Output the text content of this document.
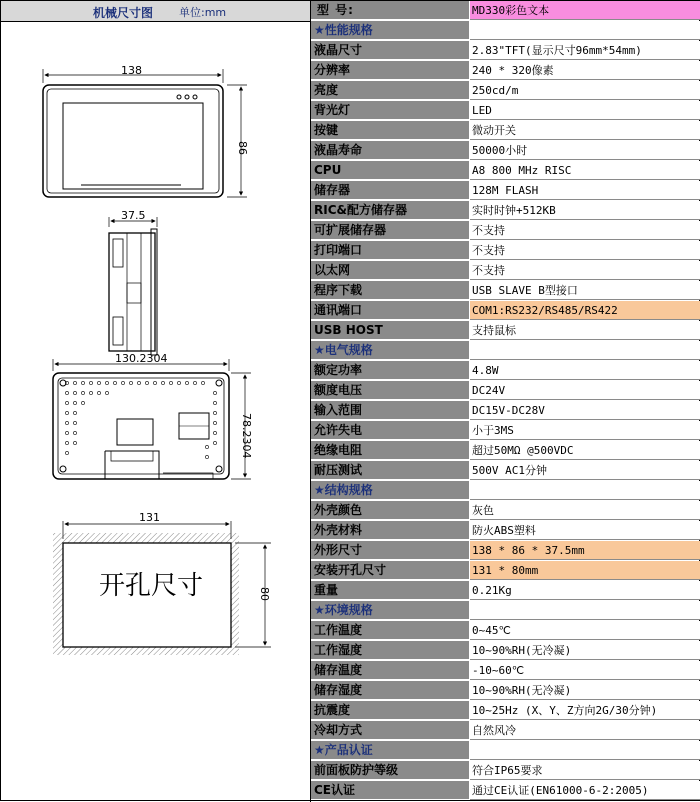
机械尺寸图 单位:mm
138
86
37.5
130.2304
78.2304
131
80
开孔尺寸
型 号:	MD330彩色文本
★性能规格
液晶尺寸	2.83"TFT(显示尺寸96mm*54mm)
分辨率	240 * 320像素
亮度	250cd/m
背光灯	LED
按键	微动开关
液晶寿命	50000小时
CPU	A8 800 MHz RISC
储存器	128M FLASH
RIC&配方储存器	实时时钟+512KB
可扩展储存器	不支持
打印端口	不支持
以太网	不支持
程序下载	USB SLAVE B型接口
通讯端口	COM1:RS232/RS485/RS422
USB HOST	支持鼠标
★电气规格
额定功率	4.8W
额度电压	DC24V
输入范围	DC15V-DC28V
允许失电	小于3MS
绝缘电阻	超过50MΩ @500VDC
耐压测试	500V AC1分钟
★结构规格
外壳颜色	灰色
外壳材料	防火ABS塑料
外形尺寸	138 * 86 * 37.5mm
安装开孔尺寸	131 * 80mm
重量	0.21Kg
★环境规格
工作温度	0~45℃
工作湿度	10~90%RH(无冷凝)
储存温度	-10~60℃
储存湿度	10~90%RH(无冷凝)
抗震度	10~25Hz (X、Y、Z方向2G/30分钟)
冷却方式	自然风冷
★产品认证
前面板防护等级	符合IP65要求
CE认证	通过CE认证(EN61000-6-2:2005)
